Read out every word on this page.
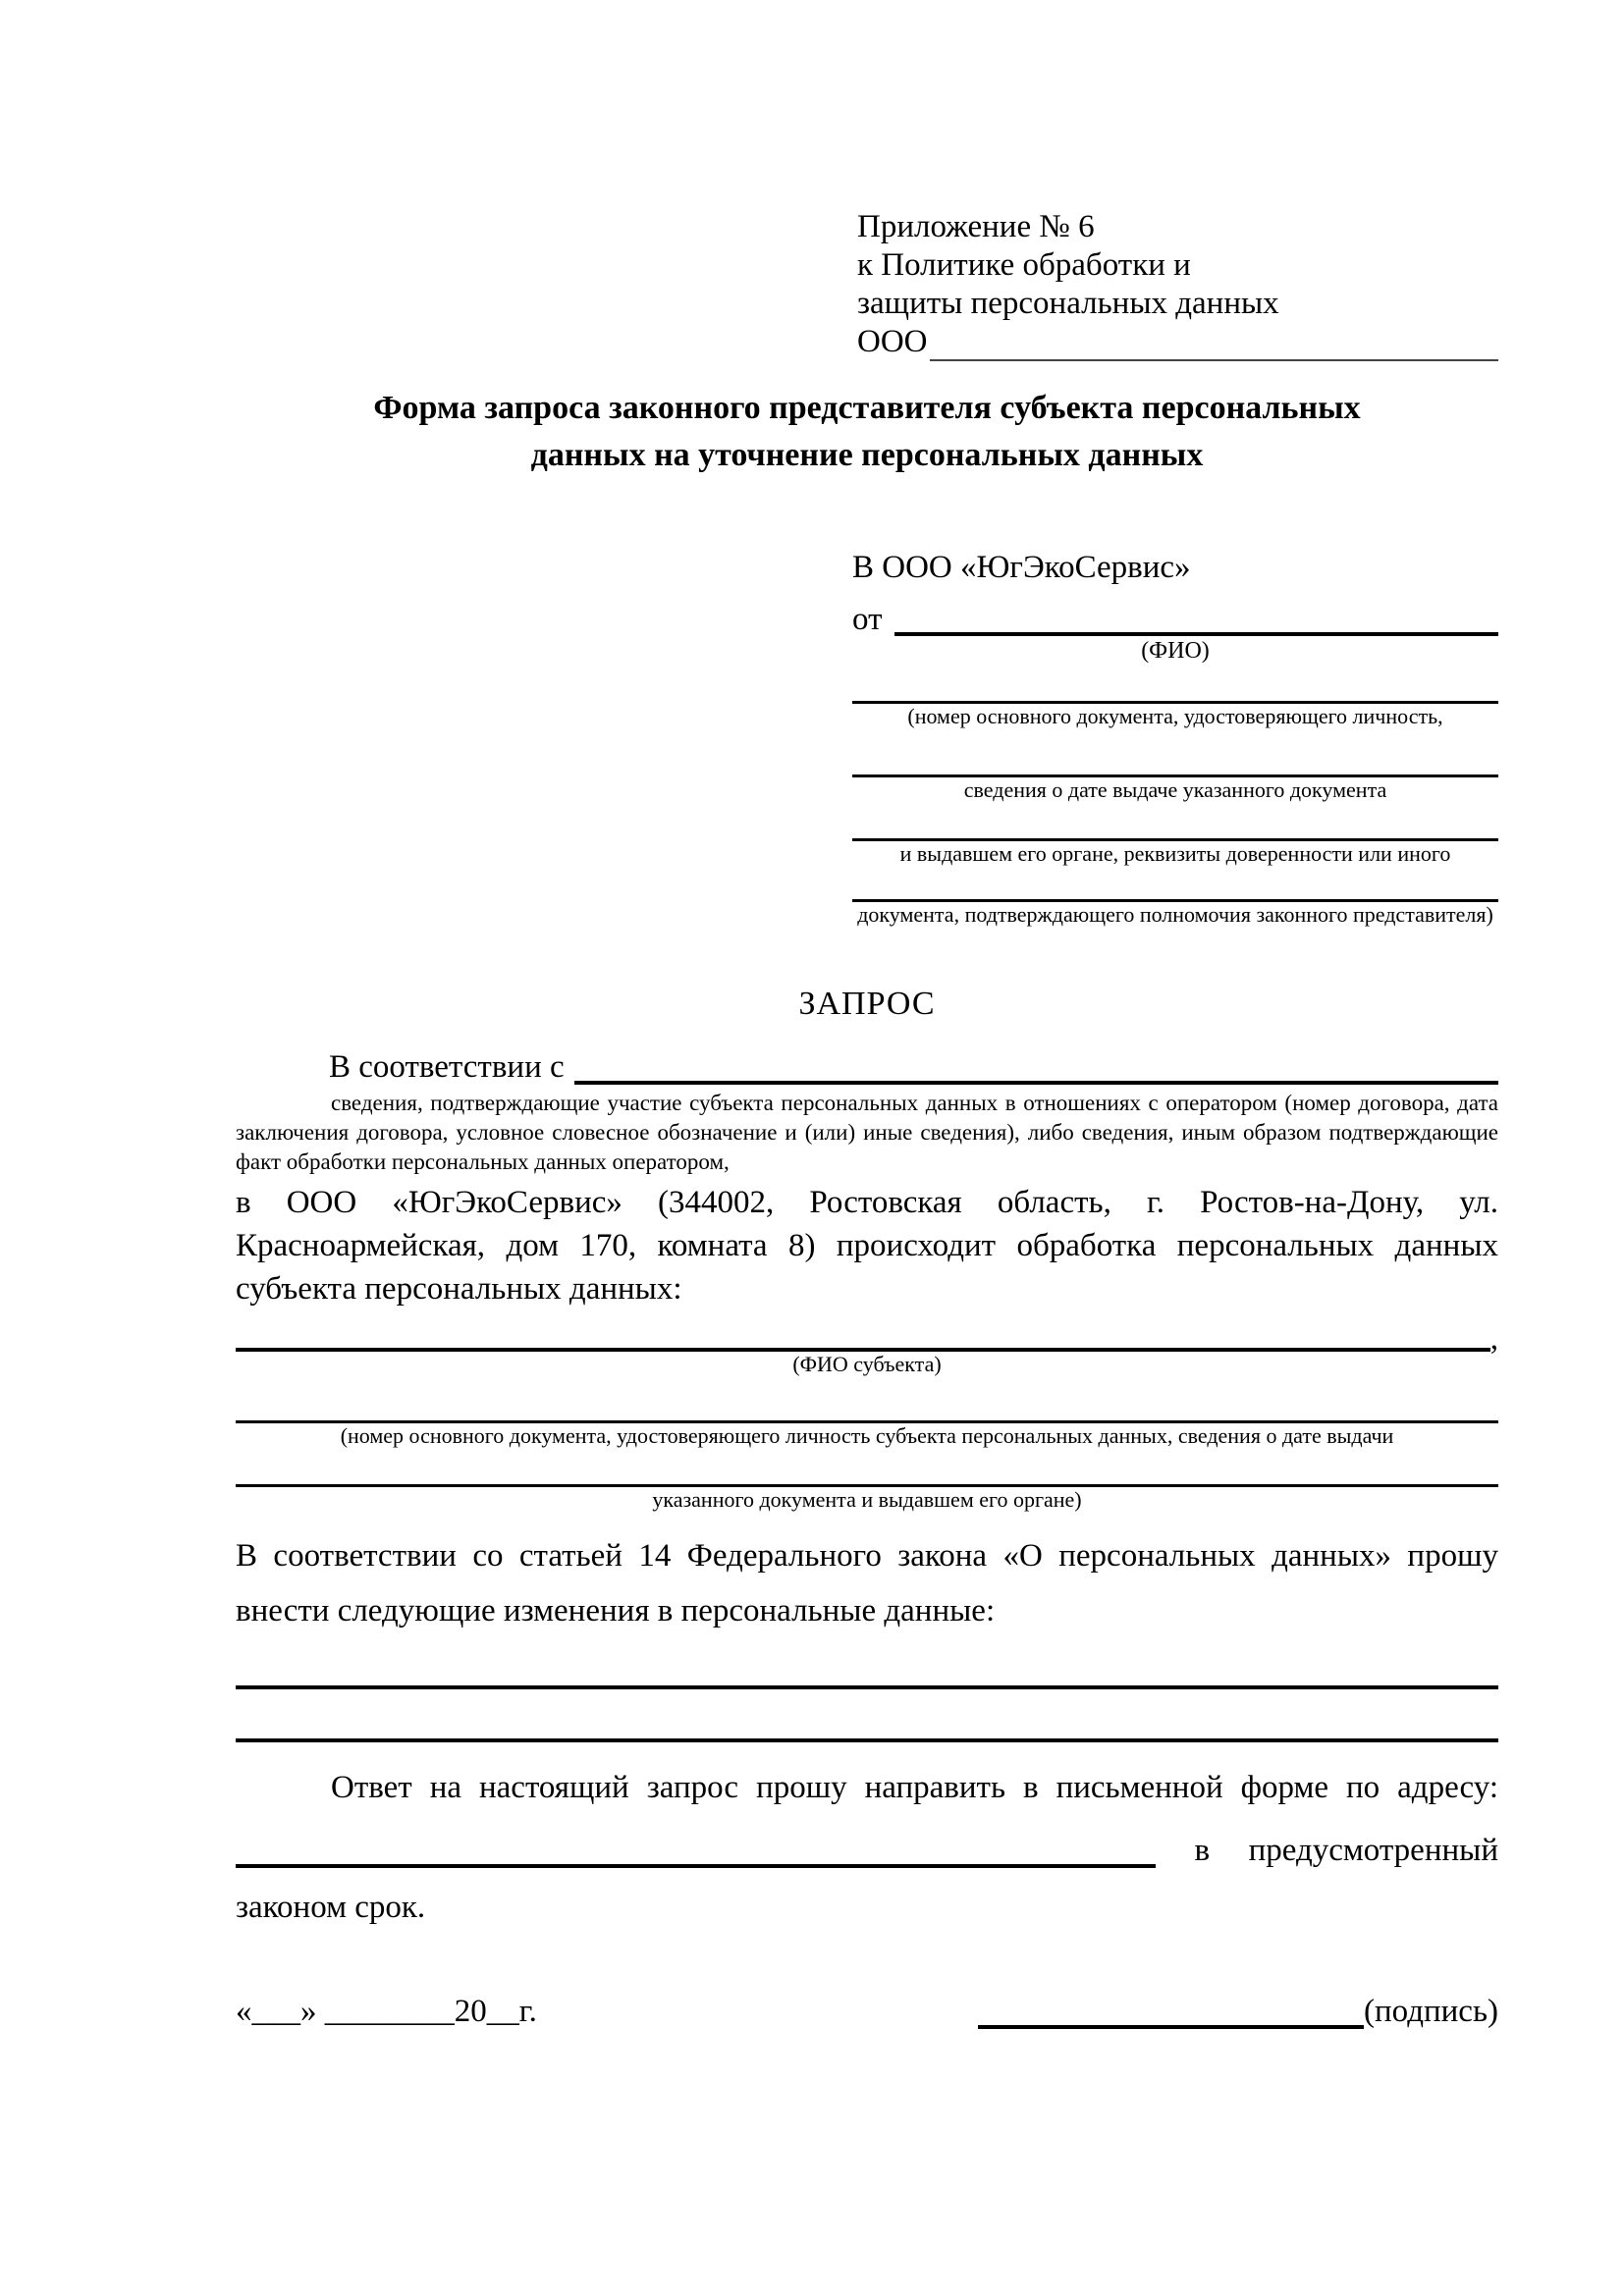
Приложение № 6
к Политике обработки и
защиты персональных данных
ООО
Форма запроса законного представителя субъекта персональных
данных на уточнение персональных данных
В ООО «ЮгЭкоСервис»
от
(ФИО)
(номер основного документа, удостоверяющего личность,
сведения о дате выдаче указанного документа
и выдавшем его органе, реквизиты доверенности или иного
документа, подтверждающего полномочия законного представителя)
ЗАПРОС
В соответствии с

сведения, подтверждающие участие субъекта персональных данных в отношениях с оператором (номер договора, дата заключения договора, условное словесное обозначение и (или) иные сведения), либо сведения, иным образом подтверждающие факт обработки персональных данных оператором,

в ООО «ЮгЭкоСервис» (344002, Ростовская область, г. Ростов-на-Дону, ул. Красноармейская, дом 170, комната 8) происходит обработка персональных данных субъекта персональных данных:

,
(ФИО субъекта)
(номер основного документа, удостоверяющего личность субъекта персональных данных, сведения о дате выдачи
указанного документа и выдавшем его органе)

В соответствии со статьей 14 Федерального закона «О персональных данных» прошу внести следующие изменения в персональные данные:

Ответ на настоящий запрос прошу направить в письменной форме по адресу:

в предусмотренный

законом срок.

«___» ________20__г.	(подпись)
